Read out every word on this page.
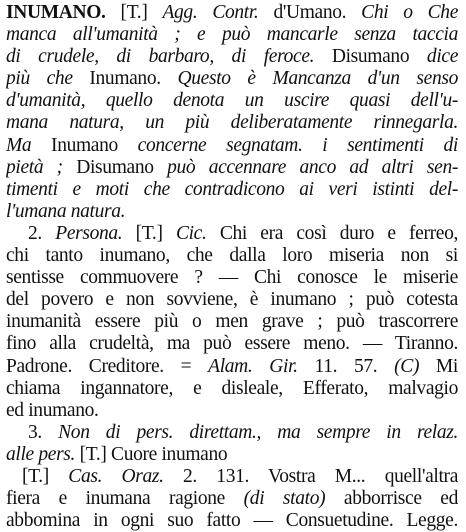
INUMANO. [T.] Agg. Contr. d'Umano. Chi o Che
manca all'umanità ; e può mancarle senza taccia
di crudele, di barbaro, di feroce. Disumano dice
più che Inumano. Questo è Mancanza d'un senso
d'umanità, quello denota un uscire quasi dell'u-
mana natura, un più deliberatamente rinnegarla.
Ma Inumano concerne segnatam. i sentimenti di
pietà ; Disumano può accennare anco ad altri sen-
timenti e moti che contradicono ai veri istinti del-
l'umana natura.
2. Persona. [T.] Cic. Chi era così duro e ferreo,
chi tanto inumano, che dalla loro miseria non si
sentisse commuovere ? — Chi conosce le miserie
del povero e non sovviene, è inumano ; può cotesta
inumanità essere più o men grave ; può trascorrere
fino alla crudeltà, ma può essere meno. — Tiranno.
Padrone. Creditore. = Alam. Gir. 11. 57. (C) Mi
chiama ingannatore, e disleale, Efferato, malvagio
ed inumano.
3. Non di pers. direttam., ma sempre in relaz.
alle pers. [T.] Cuore inumano
[T.] Cas. Oraz. 2. 131. Vostra M... quell'altra
fiera e inumana ragione (di stato) abborrisce ed
abbomina in ogni suo fatto — Consuetudine. Legge.
